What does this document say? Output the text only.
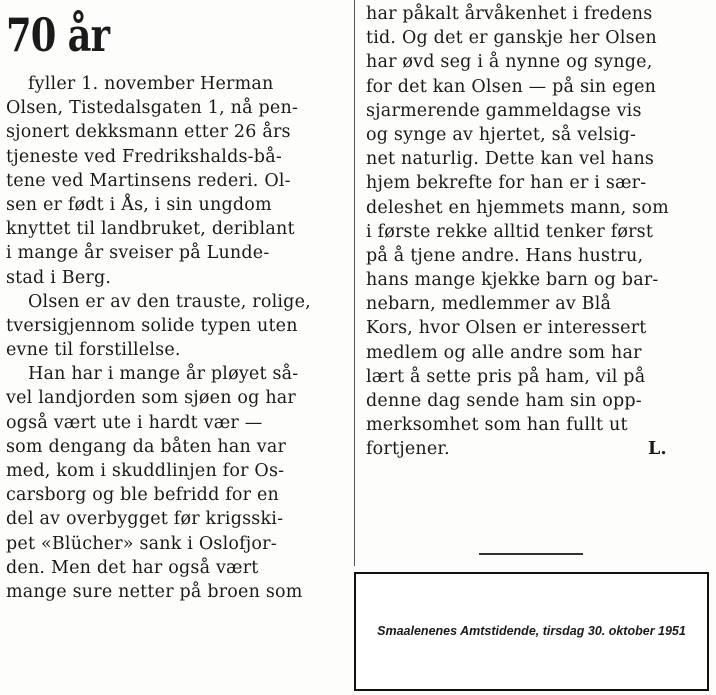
70 år
fyller 1. november Herman
Olsen, Tistedalsgaten 1, nå pen-
sjonert dekksmann etter 26 års
tjeneste ved Fredrikshalds-bå-
tene ved Martinsens rederi. Ol-
sen er født i Ås, i sin ungdom
knyttet til landbruket, deriblant
i mange år sveiser på Lunde-
stad i Berg.
Olsen er av den trauste, rolige,
tversigjennom solide typen uten
evne til forstillelse.
Han har i mange år pløyet så-
vel landjorden som sjøen og har
også vært ute i hardt vær —
som dengang da båten han var
med, kom i skuddlinjen for Os-
carsborg og ble befridd for en
del av overbygget før krigsski-
pet «Blücher» sank i Oslofjor-
den. Men det har også vært
mange sure netter på broen som
har påkalt årvåkenhet i fredens
tid. Og det er ganskje her Olsen
har øvd seg i å nynne og synge,
for det kan Olsen — på sin egen
sjarmerende gammeldagse vis
og synge av hjertet, så velsig-
net naturlig. Dette kan vel hans
hjem bekrefte for han er i sær-
deleshet en hjemmets mann, som
i første rekke alltid tenker først
på å tjene andre. Hans hustru,
hans mange kjekke barn og bar-
nebarn, medlemmer av Blå
Kors, hvor Olsen er interessert
medlem og alle andre som har
lært å sette pris på ham, vil på
denne dag sende ham sin opp-
merksomhet som han fullt ut
fortjener.	L.
Smaalenenes Amtstidende, tirsdag 30. oktober 1951
